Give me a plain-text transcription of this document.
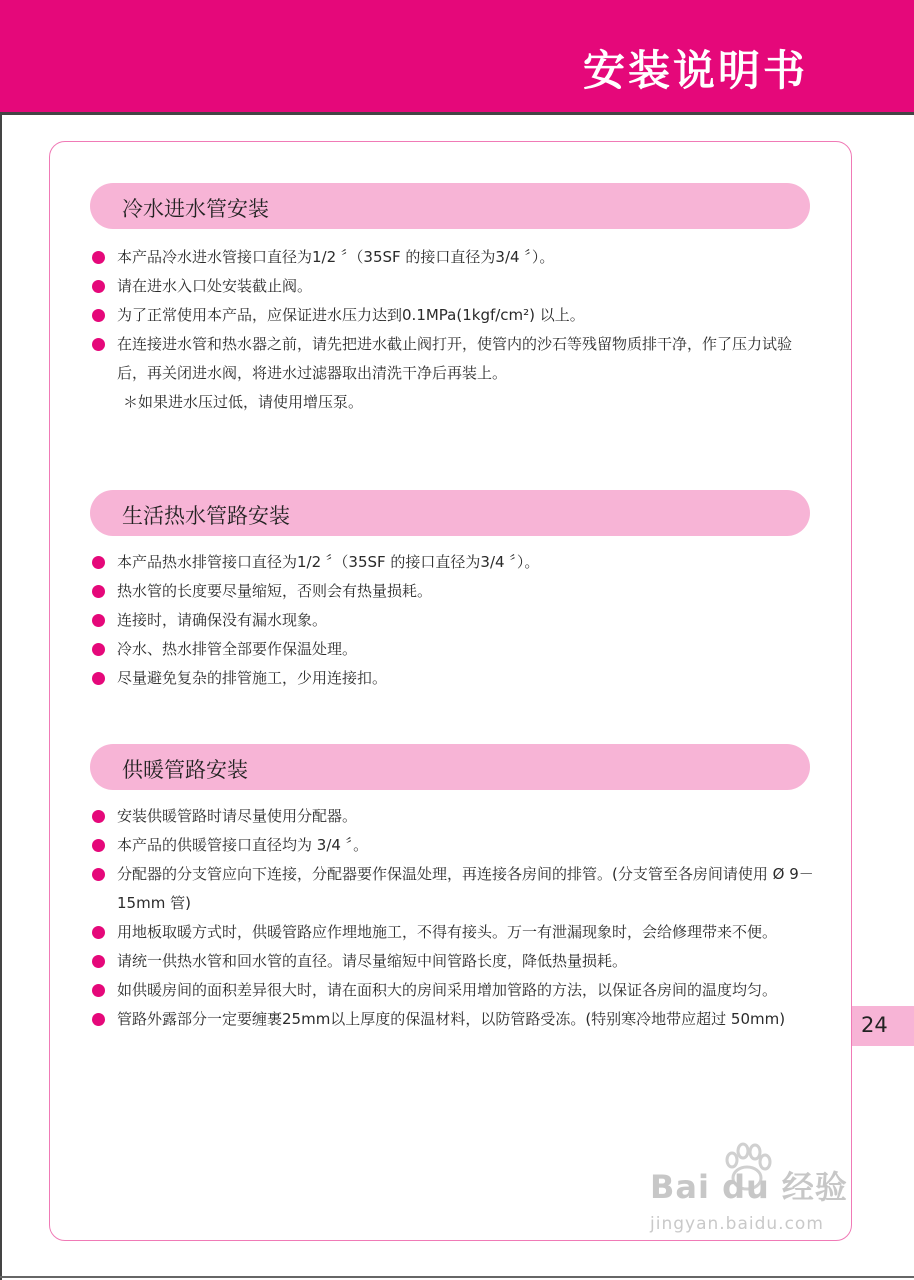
安装说明书
冷水进水管安装
本产品冷水进水管接口直径为1/2 〞（35SF 的接口直径为3/4 〞）。
请在进水入口处安装截止阀。
为了正常使用本产品，应保证进水压力达到0.1MPa(1kgf/cm²) 以上。
在连接进水管和热水器之前，请先把进水截止阀打开，使管内的沙石等残留物质排干净，作了压力试验后，再关闭进水阀，将进水过滤器取出清洗干净后再装上。
＊如果进水压过低，请使用增压泵。
生活热水管路安装
本产品热水排管接口直径为1/2 〞（35SF 的接口直径为3/4 〞）。
热水管的长度要尽量缩短，否则会有热量损耗。
连接时，请确保没有漏水现象。
冷水、热水排管全部要作保温处理。
尽量避免复杂的排管施工，少用连接扣。
供暖管路安装
安装供暖管路时请尽量使用分配器。
本产品的供暖管接口直径均为 3/4 〞。
分配器的分支管应向下连接，分配器要作保温处理，再连接各房间的排管。(分支管至各房间请使用 Ø 9－15mm 管)
用地板取暖方式时，供暖管路应作埋地施工，不得有接头。万一有泄漏现象时，会给修理带来不便。
请统一供热水管和回水管的直径。请尽量缩短中间管路长度，降低热量损耗。
如供暖房间的面积差异很大时，请在面积大的房间采用增加管路的方法，以保证各房间的温度均匀。
管路外露部分一定要缠裹25mm以上厚度的保温材料，以防管路受冻。(特别寒冷地带应超过 50mm)	24
Bai du 经验
jingyan.baidu.com
